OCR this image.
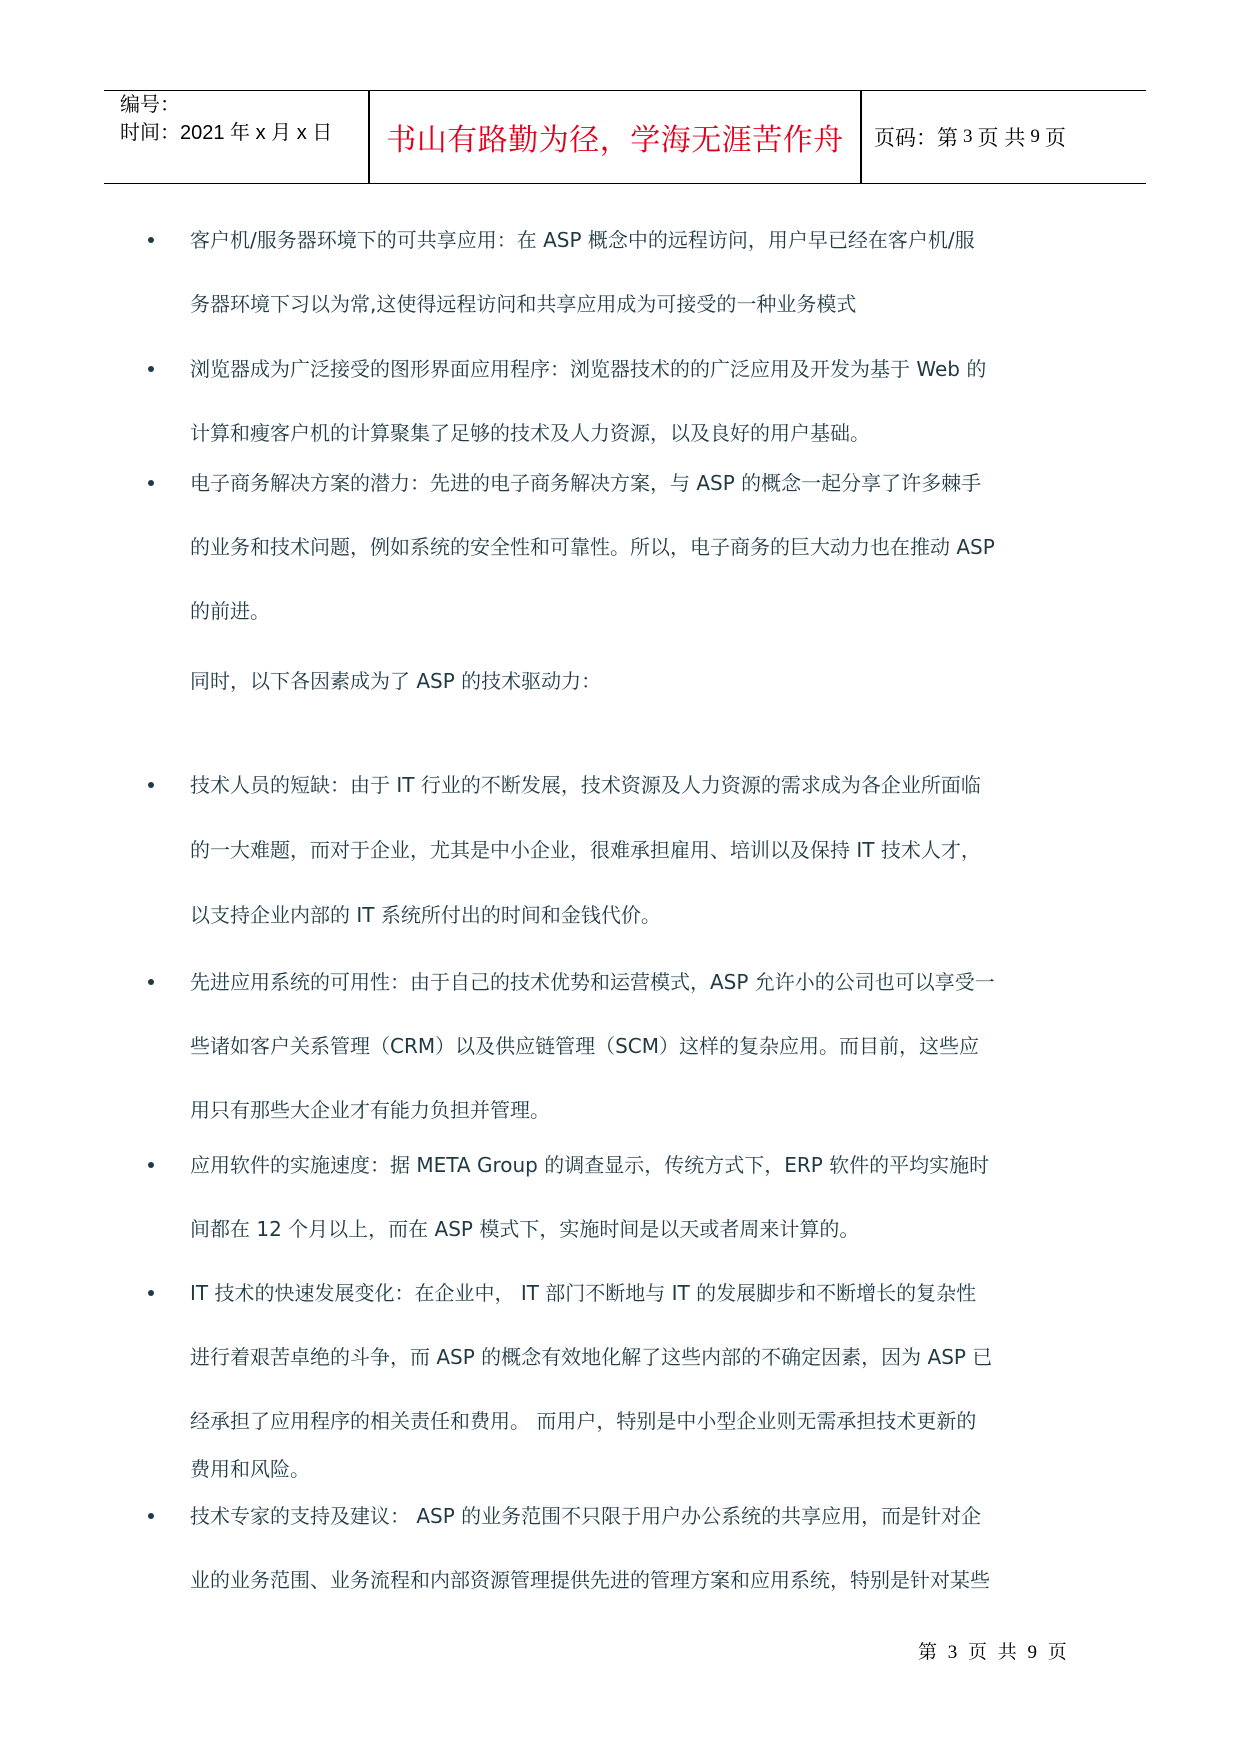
编号：
时间：2021 年 x 月 x 日	书山有路勤为径，学海无涯苦作舟	页码：第 3 页 共 9 页
客户机/服务器环境下的可共享应用：在 ASP 概念中的远程访问，用户早已经在客户机/服
务器环境下习以为常,这使得远程访问和共享应用成为可接受的一种业务模式
浏览器成为广泛接受的图形界面应用程序：浏览器技术的的广泛应用及开发为基于 Web 的
计算和瘦客户机的计算聚集了足够的技术及人力资源，以及良好的用户基础。
电子商务解决方案的潜力：先进的电子商务解决方案，与 ASP 的概念一起分享了许多棘手
的业务和技术问题，例如系统的安全性和可靠性。所以，电子商务的巨大动力也在推动 ASP
的前进。
同时，以下各因素成为了 ASP 的技术驱动力：
技术人员的短缺：由于 IT 行业的不断发展，技术资源及人力资源的需求成为各企业所面临
的一大难题，而对于企业，尤其是中小企业，很难承担雇用、培训以及保持 IT 技术人才，
以支持企业内部的 IT 系统所付出的时间和金钱代价。
先进应用系统的可用性：由于自己的技术优势和运营模式，ASP 允许小的公司也可以享受一
些诸如客户关系管理（CRM）以及供应链管理（SCM）这样的复杂应用。而目前，这些应
用只有那些大企业才有能力负担并管理。
应用软件的实施速度：据 META Group 的调查显示，传统方式下，ERP 软件的平均实施时
间都在 12 个月以上，而在 ASP 模式下，实施时间是以天或者周来计算的。
IT 技术的快速发展变化：在企业中， IT 部门不断地与 IT 的发展脚步和不断增长的复杂性
进行着艰苦卓绝的斗争，而 ASP 的概念有效地化解了这些内部的不确定因素，因为 ASP 已
经承担了应用程序的相关责任和费用。 而用户，特别是中小型企业则无需承担技术更新的
费用和风险。
技术专家的支持及建议： ASP 的业务范围不只限于用户办公系统的共享应用，而是针对企
业的业务范围、业务流程和内部资源管理提供先进的管理方案和应用系统，特别是针对某些
第 3 页 共 9 页
